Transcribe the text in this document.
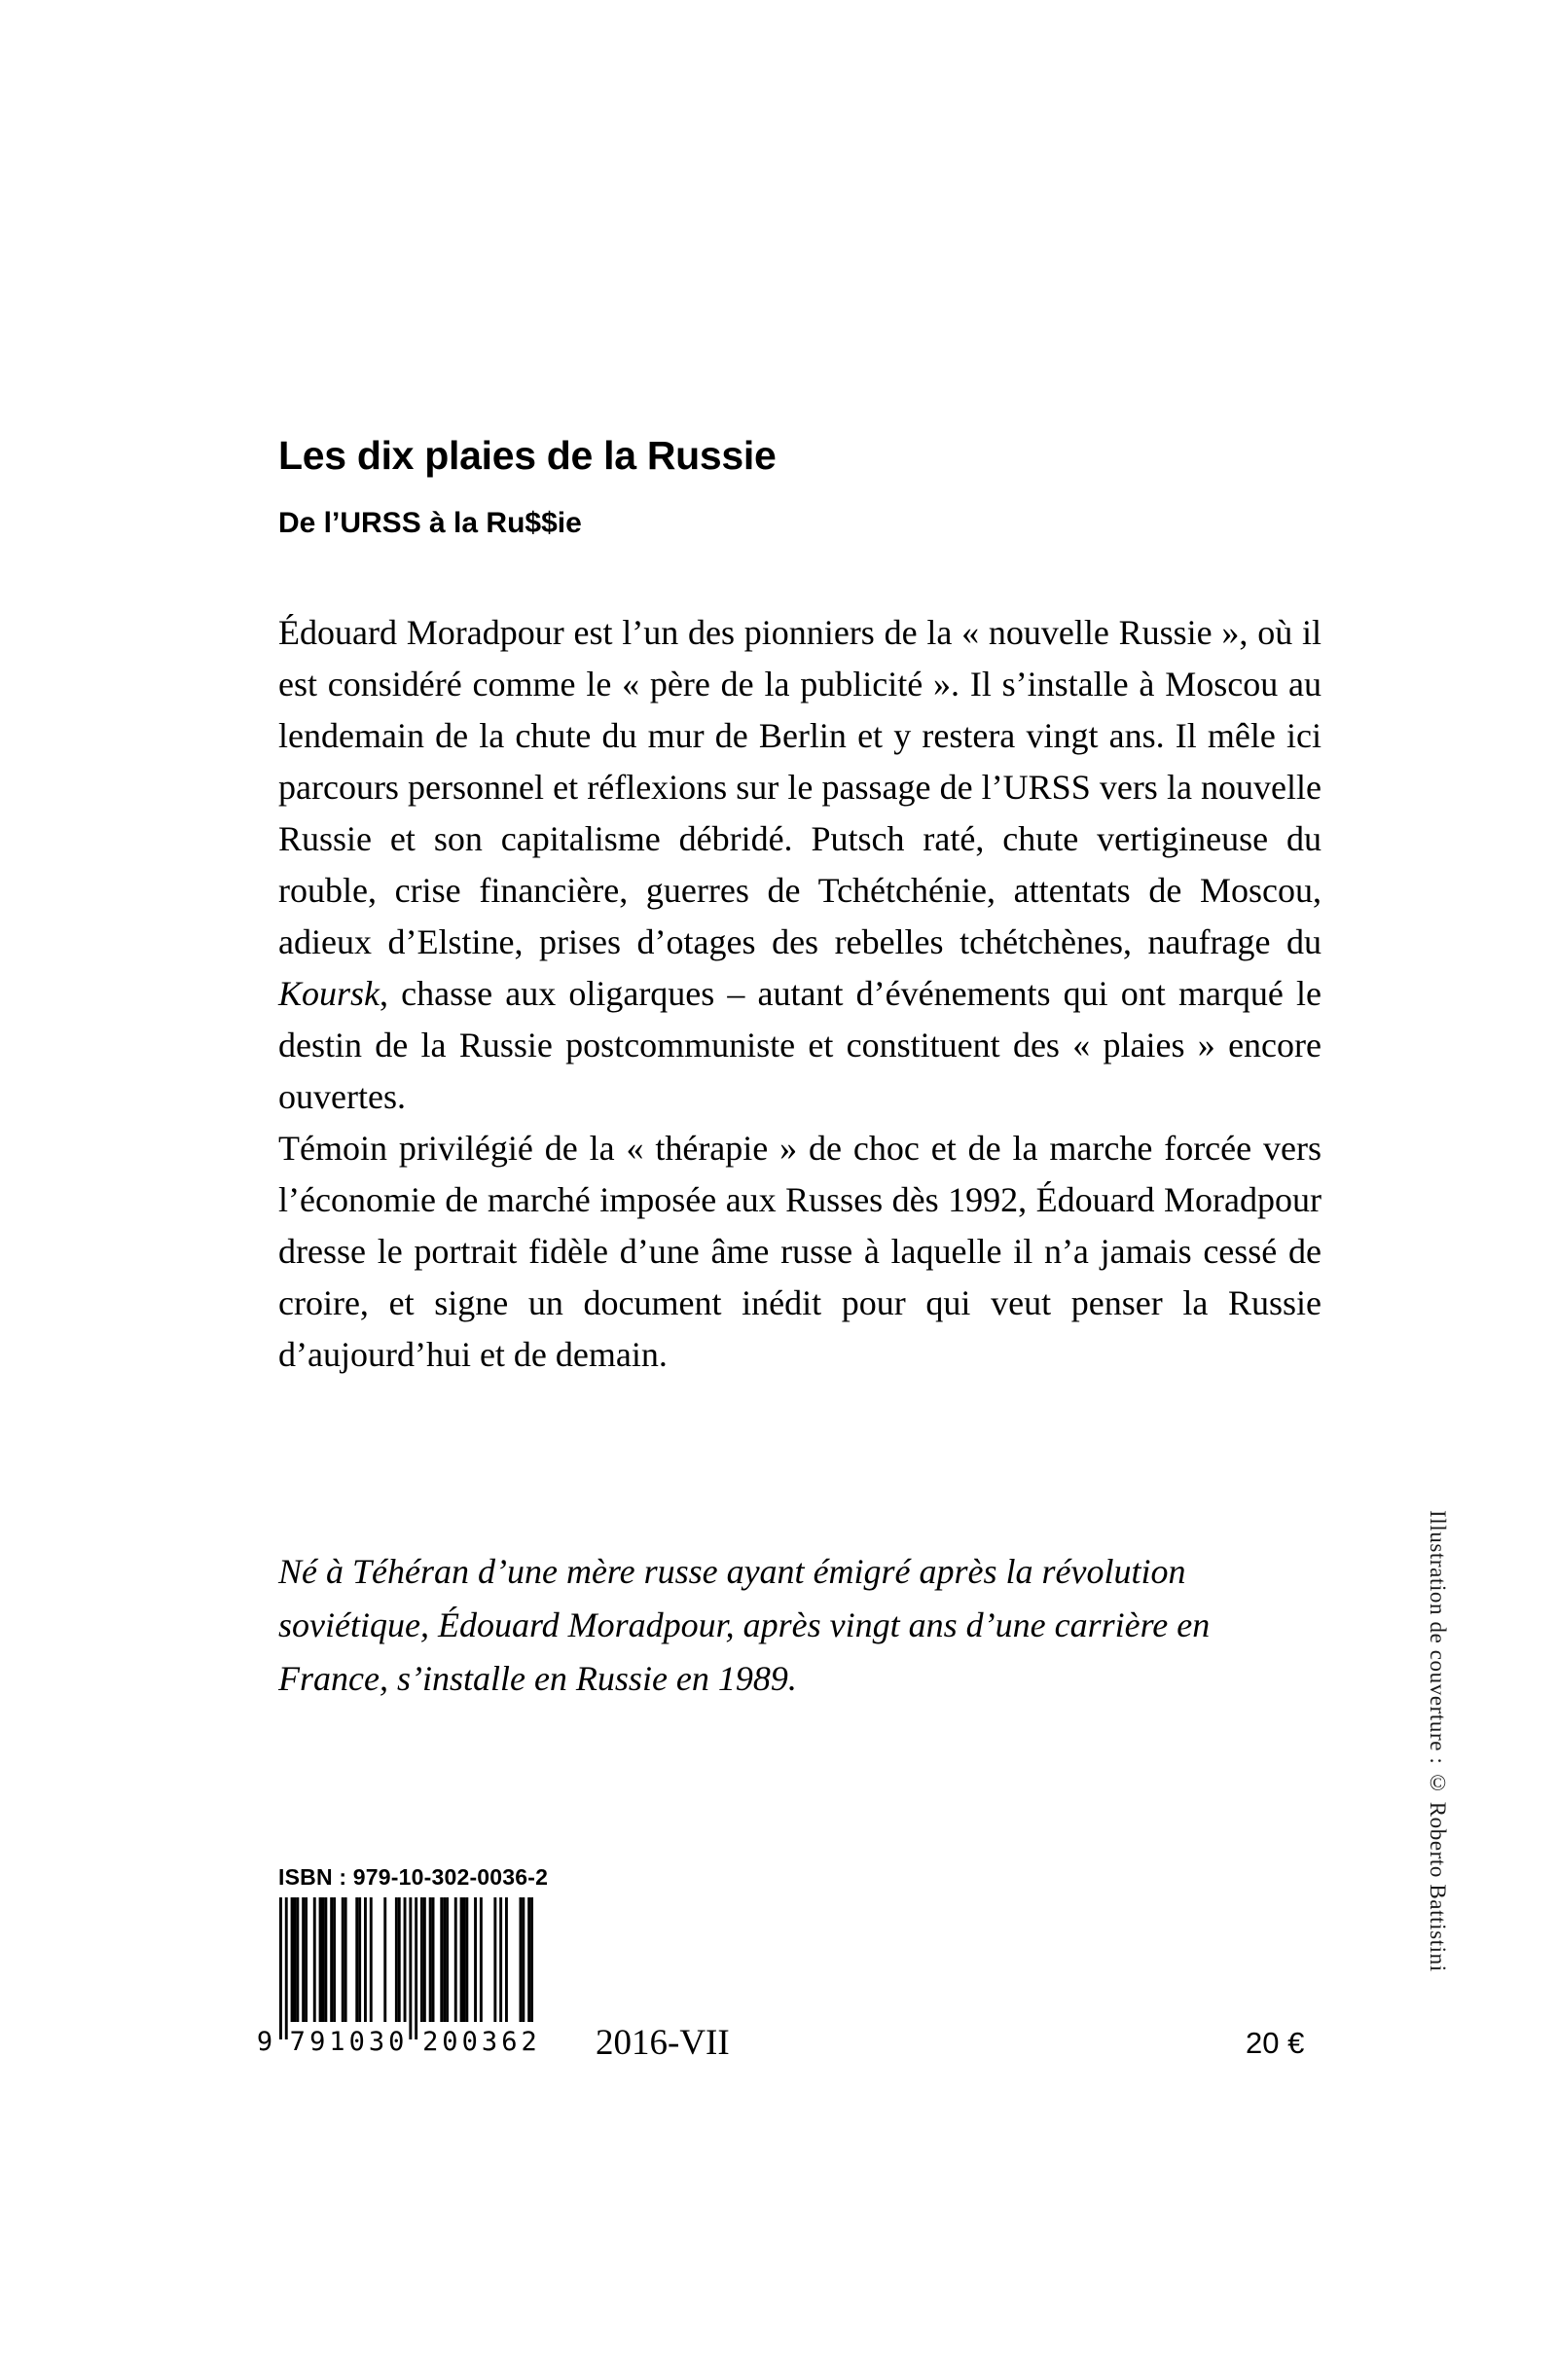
Les dix plaies de la Russie
De l’URSS à la Ru$$ie

Édouard Moradpour est l’un des pionniers de la « nouvelle Russie », où il est considéré comme le « père de la publicité ». Il s’installe à Moscou au lendemain de la chute du mur de Berlin et y restera vingt ans. Il mêle ici parcours personnel et réflexions sur le passage de l’URSS vers la nouvelle Russie et son capitalisme débridé. Putsch raté, chute vertigineuse du rouble, crise financière, guerres de Tchétchénie, attentats de Moscou, adieux d’Elstine, prises d’otages des rebelles tchétchènes, naufrage du Koursk, chasse aux oligarques – autant d’événements qui ont marqué le destin de la Russie postcommuniste et constituent des « plaies » encore ouvertes.

Témoin privilégié de la « thérapie » de choc et de la marche forcée vers l’économie de marché imposée aux Russes dès 1992, Édouard Moradpour dresse le portrait fidèle d’une âme russe à laquelle il n’a jamais cessé de croire, et signe un document inédit pour qui veut penser la Russie d’aujourd’hui et de demain.

Né à Téhéran d’une mère russe ayant émigré après la révolution soviétique, Édouard Moradpour, après vingt ans d’une carrière en France, s’installe en Russie en 1989.	Illustration de couverture : © Roberto Battistini
ISBN : 979-10-302-0036-2
9 7 9 1 0 3 0 2 0 0 3 6 2 2016-VII	20 €
